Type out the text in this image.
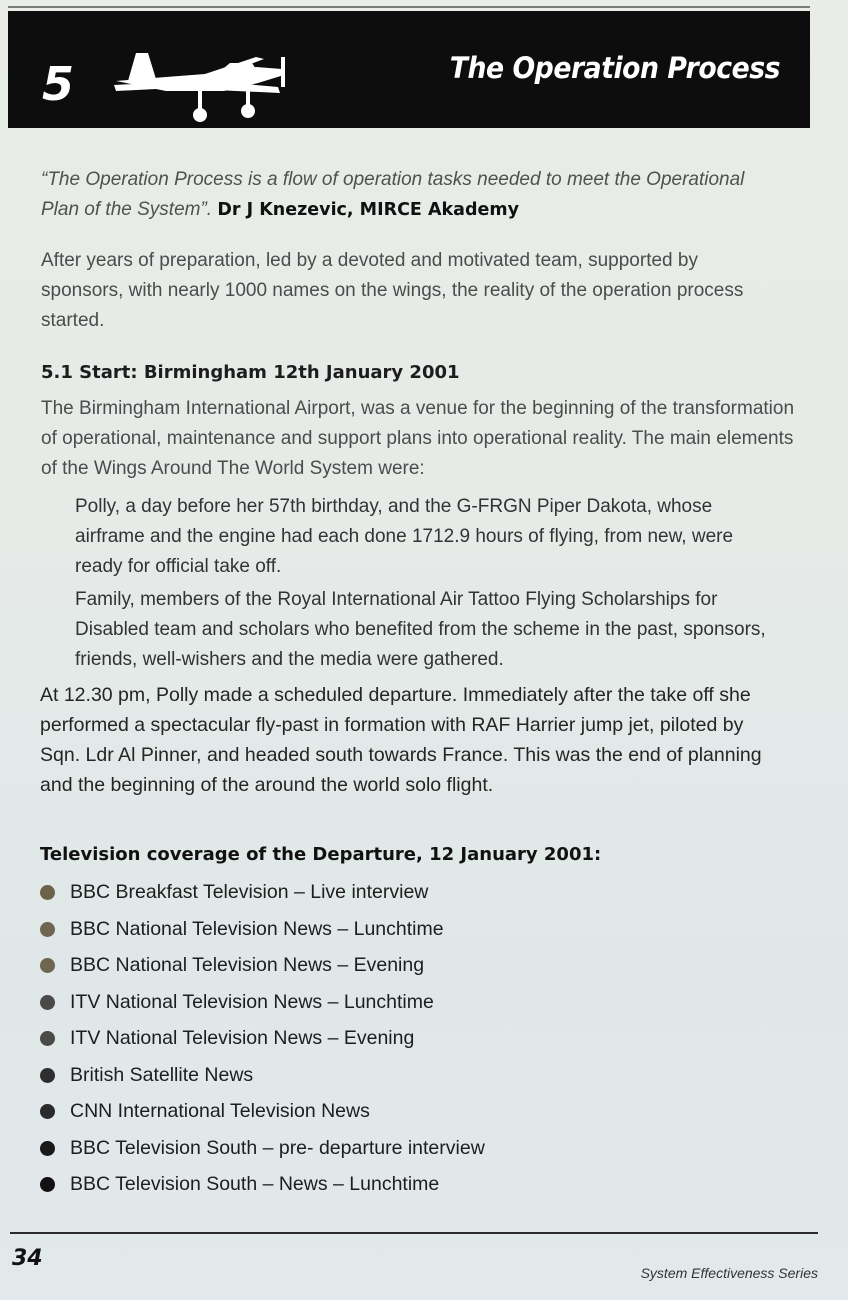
5	The Operation Process
“The Operation Process is a flow of operation tasks needed to meet the Operational Plan of the System”. Dr J Knezevic, MIRCE Akademy
After years of preparation, led by a devoted and motivated team, supported by sponsors, with nearly 1000 names on the wings, the reality of the operation process started.
5.1 Start: Birmingham 12th January 2001
The Birmingham International Airport, was a venue for the beginning of the transformation of operational, maintenance and support plans into operational reality. The main elements of the Wings Around The World System were:
Polly, a day before her 57th birthday, and the G-FRGN Piper Dakota, whose airframe and the engine had each done 1712.9 hours of flying, from new, were ready for official take off.
Family, members of the Royal International Air Tattoo Flying Scholarships for Disabled team and scholars who benefited from the scheme in the past, sponsors, friends, well-wishers and the media were gathered.
At 12.30 pm, Polly made a scheduled departure. Immediately after the take off she performed a spectacular fly-past in formation with RAF Harrier jump jet, piloted by Sqn. Ldr Al Pinner, and headed south towards France. This was the end of planning and the beginning of the around the world solo flight.
Television coverage of the Departure, 12 January 2001:
BBC Breakfast Television – Live interview
BBC National Television News – Lunchtime
BBC National Television News – Evening
ITV National Television News – Lunchtime
ITV National Television News – Evening
British Satellite News
CNN International Television News
BBC Television South – pre- departure interview
BBC Television South – News – Lunchtime
34
System Effectiveness Series
